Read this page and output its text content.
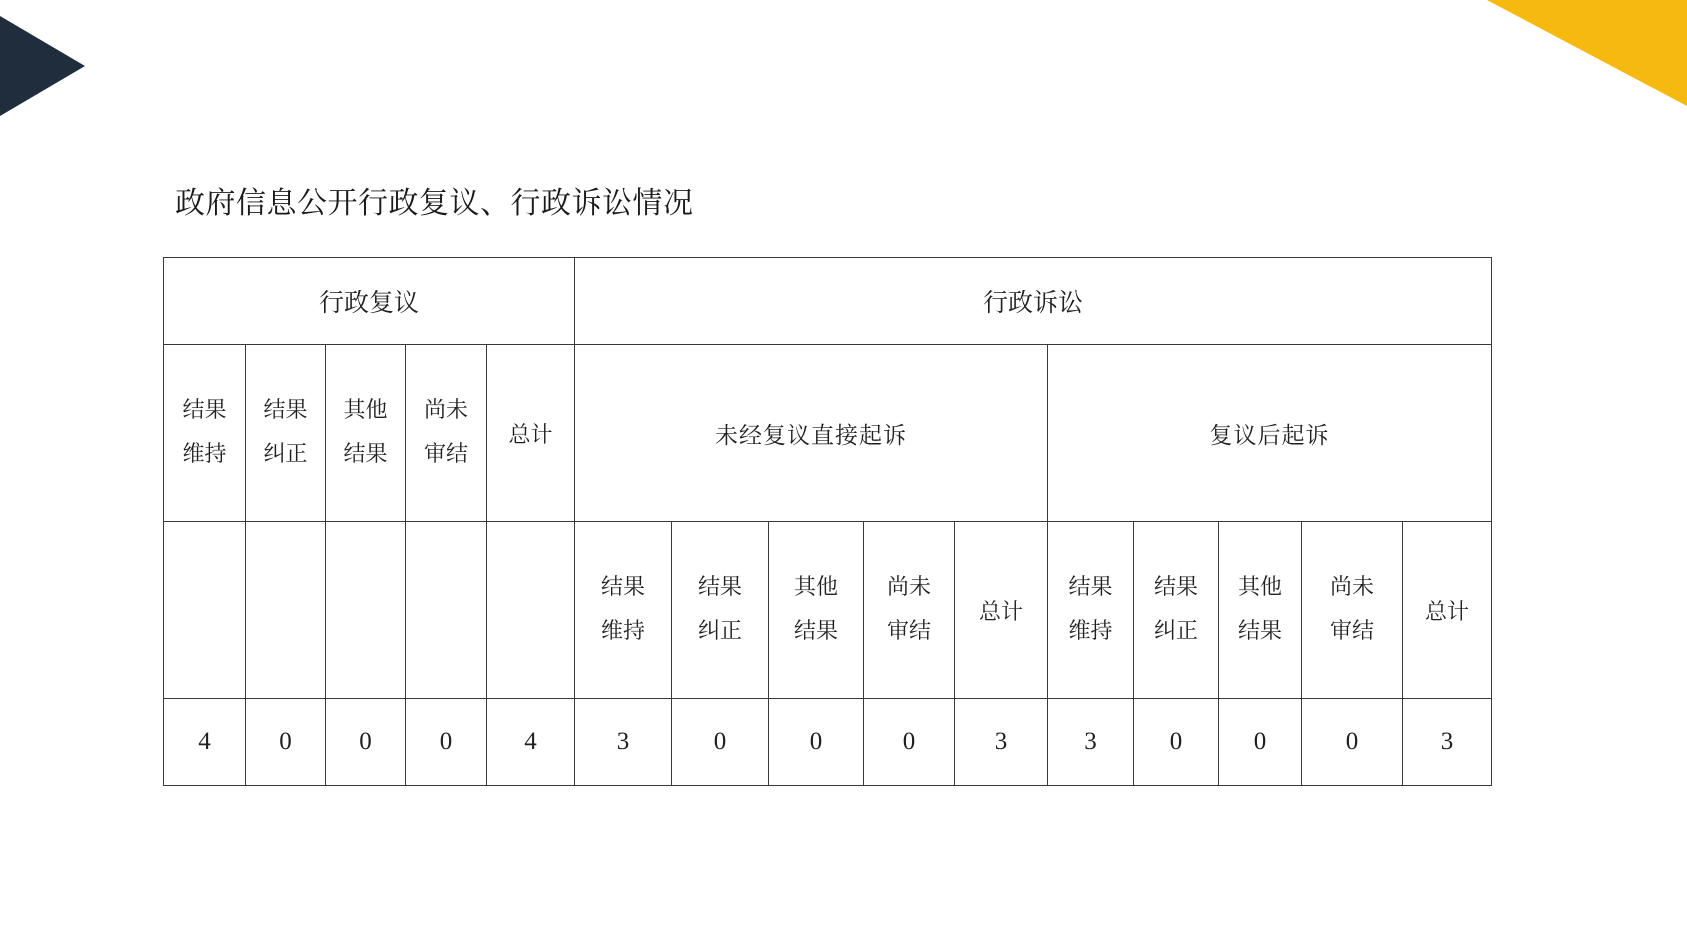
政府信息公开行政复议、行政诉讼情况
行政复议					行政诉讼									
结果维持	结果纠正	其他结果	尚未审结	总计	未经复议直接起诉					复议后起诉				
					结果维持	结果纠正	其他结果	尚未审结	总计	结果维持	结果纠正	其他结果	尚未审结	总计
4	0	0	0	4	3	0	0	0	3	3	0	0	0	3
